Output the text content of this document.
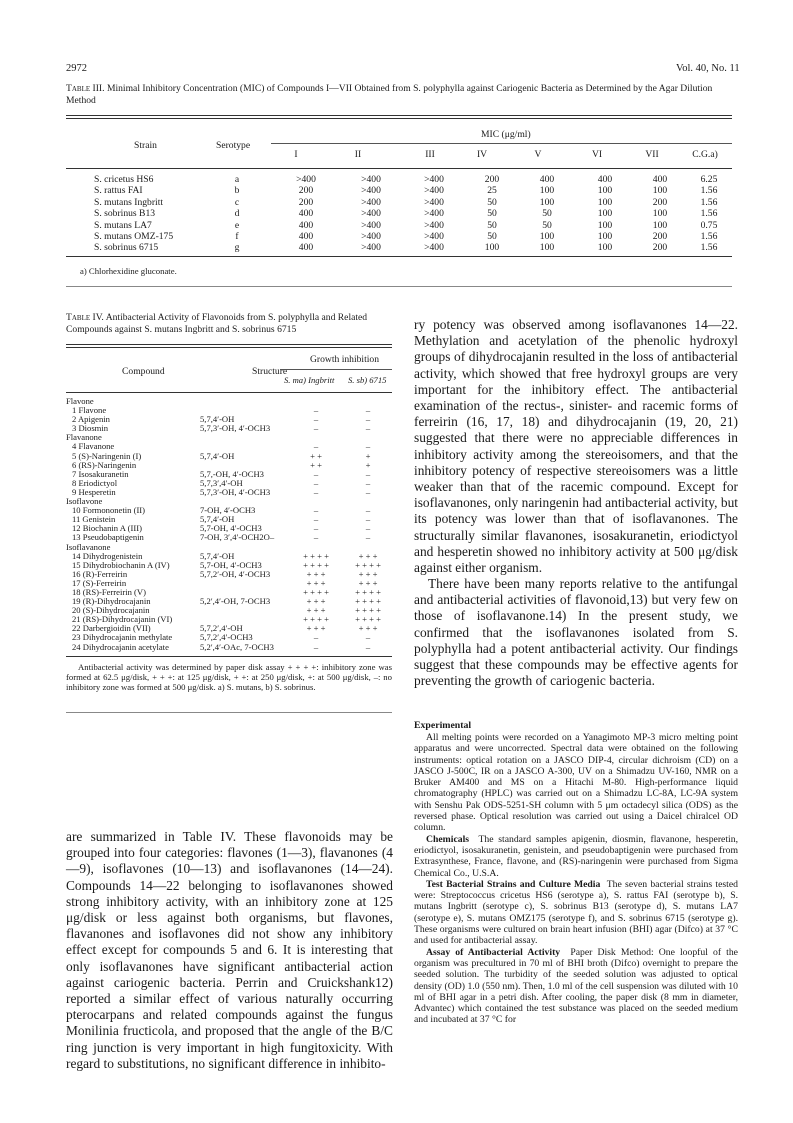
2972	Vol. 40, No. 11
Table III. Minimal Inhibitory Concentration (MIC) of Compounds I—VII Obtained from S. polyphylla against Cariogenic Bacteria as Determined by the Agar Dilution Method
Strain	Serotype
MIC (μg/ml)
I	II	III	IV	V	VI	VII	C.G.a)
S. cricetus HS6	a	>400	>400	>400	200	400	400	400	6.25
S. rattus FAI	b	200	>400	>400	25	100	100	100	1.56
S. mutans Ingbritt	c	200	>400	>400	50	100	100	200	1.56
S. sobrinus B13	d	400	>400	>400	50	50	100	100	1.56
S. mutans LA7	e	400	>400	>400	50	50	100	100	0.75
S. mutans OMZ-175	f	400	>400	>400	50	100	100	200	1.56
S. sobrinus 6715	g	400	>400	>400	100	100	100	200	1.56
a) Chlorhexidine gluconate.
Table IV. Antibacterial Activity of Flavonoids from S. polyphylla and Related Compounds against S. mutans Ingbritt and S. sobrinus 6715
Compound	Structure
Growth inhibition
S. ma) Ingbritt S. sb) 6715
Flavone			
1 Flavone		–	–
2 Apigenin	5,7,4′-OH	–	–
3 Diosmin	5,7,3′-OH, 4′-OCH3	–	–
Flavanone			
4 Flavanone		–	–
5 (S)-Naringenin (I)	5,7,4′-OH	+ +	+
6 (RS)-Naringenin		+ +	+
7 Isosakuranetin	5,7,-OH, 4′-OCH3	–	–
8 Eriodictyol	5,7,3′,4′-OH	–	–
9 Hesperetin	5,7,3′-OH, 4′-OCH3	–	–
Isoflavone			
10 Formononetin (II)	7-OH, 4′-OCH3	–	–
11 Genistein	5,7,4′-OH	–	–
12 Biochanin A (III)	5,7-OH, 4′-OCH3	–	–
13 Pseudobaptigenin	7-OH, 3′,4′-OCH2O–	–	–
Isoflavanone			
14 Dihydrogenistein	5,7,4′-OH	+ + + +	+ + +
15 Dihydrobiochanin A (IV)	5,7-OH, 4′-OCH3	+ + + +	+ + + +
16 (R)-Ferreirin	5,7,2′-OH, 4′-OCH3	+ + +	+ + +
17 (S)-Ferreirin		+ + +	+ + +
18 (RS)-Ferreirin (V)		+ + + +	+ + + +
19 (R)-Dihydrocajanin	5,2′,4′-OH, 7-OCH3	+ + +	+ + + +
20 (S)-Dihydrocajanin		+ + +	+ + + +
21 (RS)-Dihydrocajanin (VI)		+ + + +	+ + + +
22 Darbergioidin (VII)	5,7,2′,4′-OH	+ + +	+ + +
23 Dihydrocajanin methylate	5,7,2′,4′-OCH3	–	–
24 Dihydrocajanin acetylate	5,2′,4′-OAc, 7-OCH3	–	–
Antibacterial activity was determined by paper disk assay + + + +: inhibitory zone was formed at 62.5 μg/disk, + + +: at 125 μg/disk, + +: at 250 μg/disk, +: at 500 μg/disk, –: no inhibitory zone was formed at 500 μg/disk. a) S. mutans, b) S. sobrinus.
are summarized in Table IV. These flavonoids may be grouped into four categories: flavones (1—3), flavanones (4—9), isoflavones (10—13) and isoflavanones (14—24). Compounds 14—22 belonging to isoflavanones showed strong inhibitory activity, with an inhibitory zone at 125 μg/disk or less against both organisms, but flavones, flavanones and isoflavones did not show any inhibitory effect except for compounds 5 and 6. It is interesting that only isoflavanones have significant antibacterial action against cariogenic bacteria. Perrin and Cruickshank12) reported a similar effect of various naturally occurring pterocarpans and related compounds against the fungus Monilinia fructicola, and proposed that the angle of the B/C ring junction is very important in high fungitoxicity. With regard to substitutions, no significant difference in inhibito-
ry potency was observed among isoflavanones 14—22. Methylation and acetylation of the phenolic hydroxyl groups of dihydrocajanin resulted in the loss of antibacterial activity, which showed that free hydroxyl groups are very important for the inhibitory effect. The antibacterial examination of the rectus-, sinister- and racemic forms of ferreirin (16, 17, 18) and dihydrocajanin (19, 20, 21) suggested that there were no appreciable differences in inhibitory activity among the stereoisomers, and that the inhibitory potency of respective stereoisomers was a little weaker than that of the racemic compound. Except for isoflavanones, only naringenin had antibacterial activity, but its potency was lower than that of isoflavanones. The structurally similar flavanones, isosakuranetin, eriodictyol and hesperetin showed no inhibitory activity at 500 μg/disk against either organism.
There have been many reports relative to the antifungal and antibacterial activities of flavonoid,13) but very few on those of isoflavanone.14) In the present study, we confirmed that the isoflavanones isolated from S. polyphylla had a potent antibacterial activity. Our findings suggest that these compounds may be effective agents for preventing the growth of cariogenic bacteria.
Experimental

All melting points were recorded on a Yanagimoto MP-3 micro melting point apparatus and were uncorrected. Spectral data were obtained on the following instruments: optical rotation on a JASCO DIP-4, circular dichroism (CD) on a JASCO J-500C, IR on a JASCO A-300, UV on a Shimadzu UV-160, NMR on a Bruker AM400 and MS on a Hitachi M-80. High-performance liquid chromatography (HPLC) was carried out on a Shimadzu LC-8A, LC-9A system with Senshu Pak ODS-5251-SH column with 5 μm octadecyl silica (ODS) as the reversed phase. Optical resolution was carried out using a Daicel chiralcel OD column.

Chemicals The standard samples apigenin, diosmin, flavanone, hesperetin, eriodictyol, isosakuranetin, genistein, and pseudobaptigenin were purchased from Extrasynthese, France, flavone, and (RS)-naringenin were purchased from Sigma Chemical Co., U.S.A.

Test Bacterial Strains and Culture Media The seven bacterial strains tested were: Streptococcus cricetus HS6 (serotype a), S. rattus FAI (serotype b), S. mutans Ingbritt (serotype c), S. sobrinus B13 (serotype d), S. mutans LA7 (serotype e), S. mutans OMZ175 (serotype f), and S. sobrinus 6715 (serotype g). These organisms were cultured on brain heart infusion (BHI) agar (Difco) at 37 °C and used for antibacterial assay.

Assay of Antibacterial Activity Paper Disk Method: One loopful of the organism was precultured in 70 ml of BHI broth (Difco) overnight to prepare the seeded solution. The turbidity of the seeded solution was adjusted to optical density (OD) 1.0 (550 nm). Then, 1.0 ml of the cell suspension was diluted with 10 ml of BHI agar in a petri dish. After cooling, the paper disk (8 mm in diameter, Advantec) which contained the test substance was placed on the seeded medium and incubated at 37 °C for
